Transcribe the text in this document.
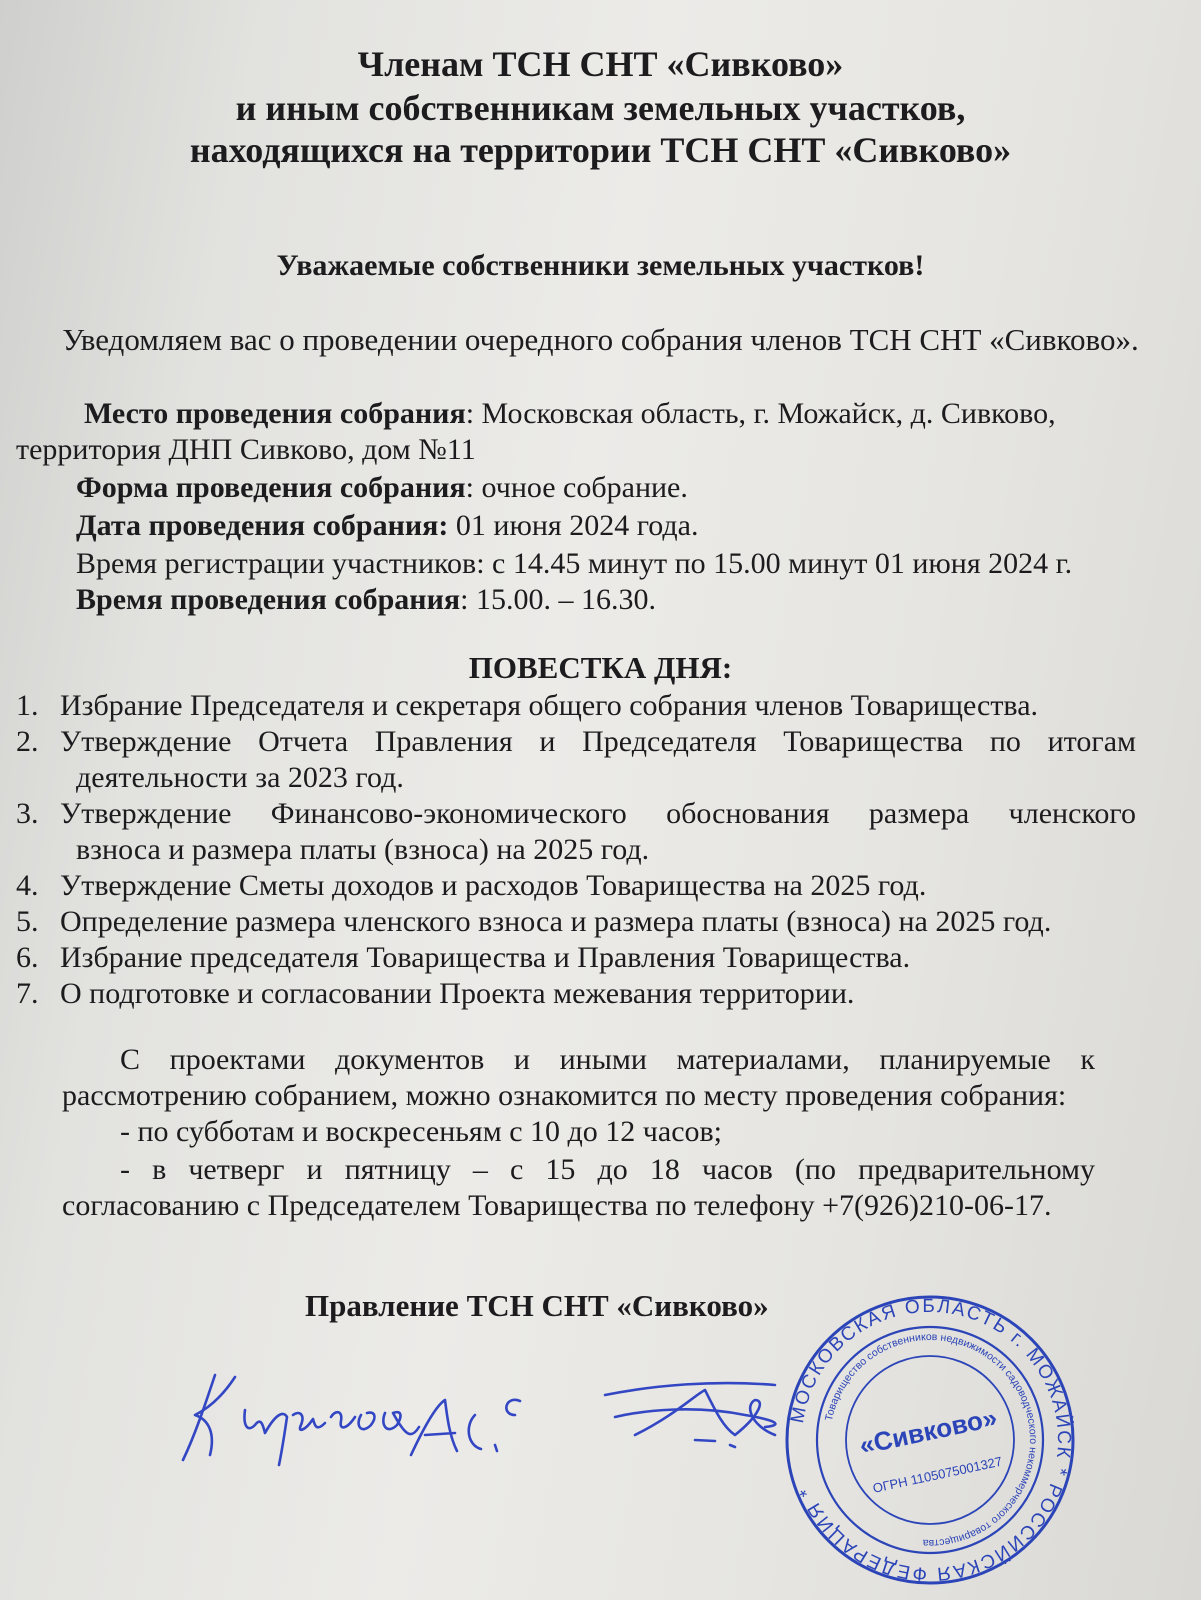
Членам ТСН СНТ «Сивково»
и иным собственникам земельных участков,
находящихся на территории ТСН СНТ «Сивково»
Уважаемые собственники земельных участков!
Уведомляем вас о проведении очередного собрания членов ТСН СНТ «Сивково».
Место проведения собрания: Московская область, г. Можайск, д. Сивково,
территория ДНП Сивково, дом №11
Форма проведения собрания: очное собрание.
Дата проведения собрания: 01 июня 2024 года.
Время регистрации участников: с 14.45 минут по 15.00 минут 01 июня 2024 г.
Время проведения собрания: 15.00. – 16.30.
ПОВЕСТКА ДНЯ:
1. Избрание Председателя и секретаря общего собрания членов Товарищества.
2. Утверждение Отчета Правления и Председателя Товарищества по итогам
деятельности за 2023 год.
3. Утверждение Финансово-экономического обоснования размера членского
взноса и размера платы (взноса) на 2025 год.
4. Утверждение Сметы доходов и расходов Товарищества на 2025 год.
5. Определение размера членского взноса и размера платы (взноса) на 2025 год.
6. Избрание председателя Товарищества и Правления Товарищества.
7. О подготовке и согласовании Проекта межевания территории.
С проектами документов и иными материалами, планируемые к
рассмотрению собранием, можно ознакомится по месту проведения собрания:
- по субботам и воскресеньям с 10 до 12 часов;
- в четверг и пятницу – с 15 до 18 часов (по предварительному
согласованию с Председателем Товарищества по телефону +7(926)210-06-17.
Правление ТСН СНТ «Сивково»
МОСКОВСКАЯ ОБЛАСТЬ г. МОЖАЙСК * РОССИЙСКАЯ ФЕДЕРАЦИЯ *
Товарищество собственников недвижимости садоводческого некоммерческого товарищества
«Сивково»
ОГРН 1105075001327
